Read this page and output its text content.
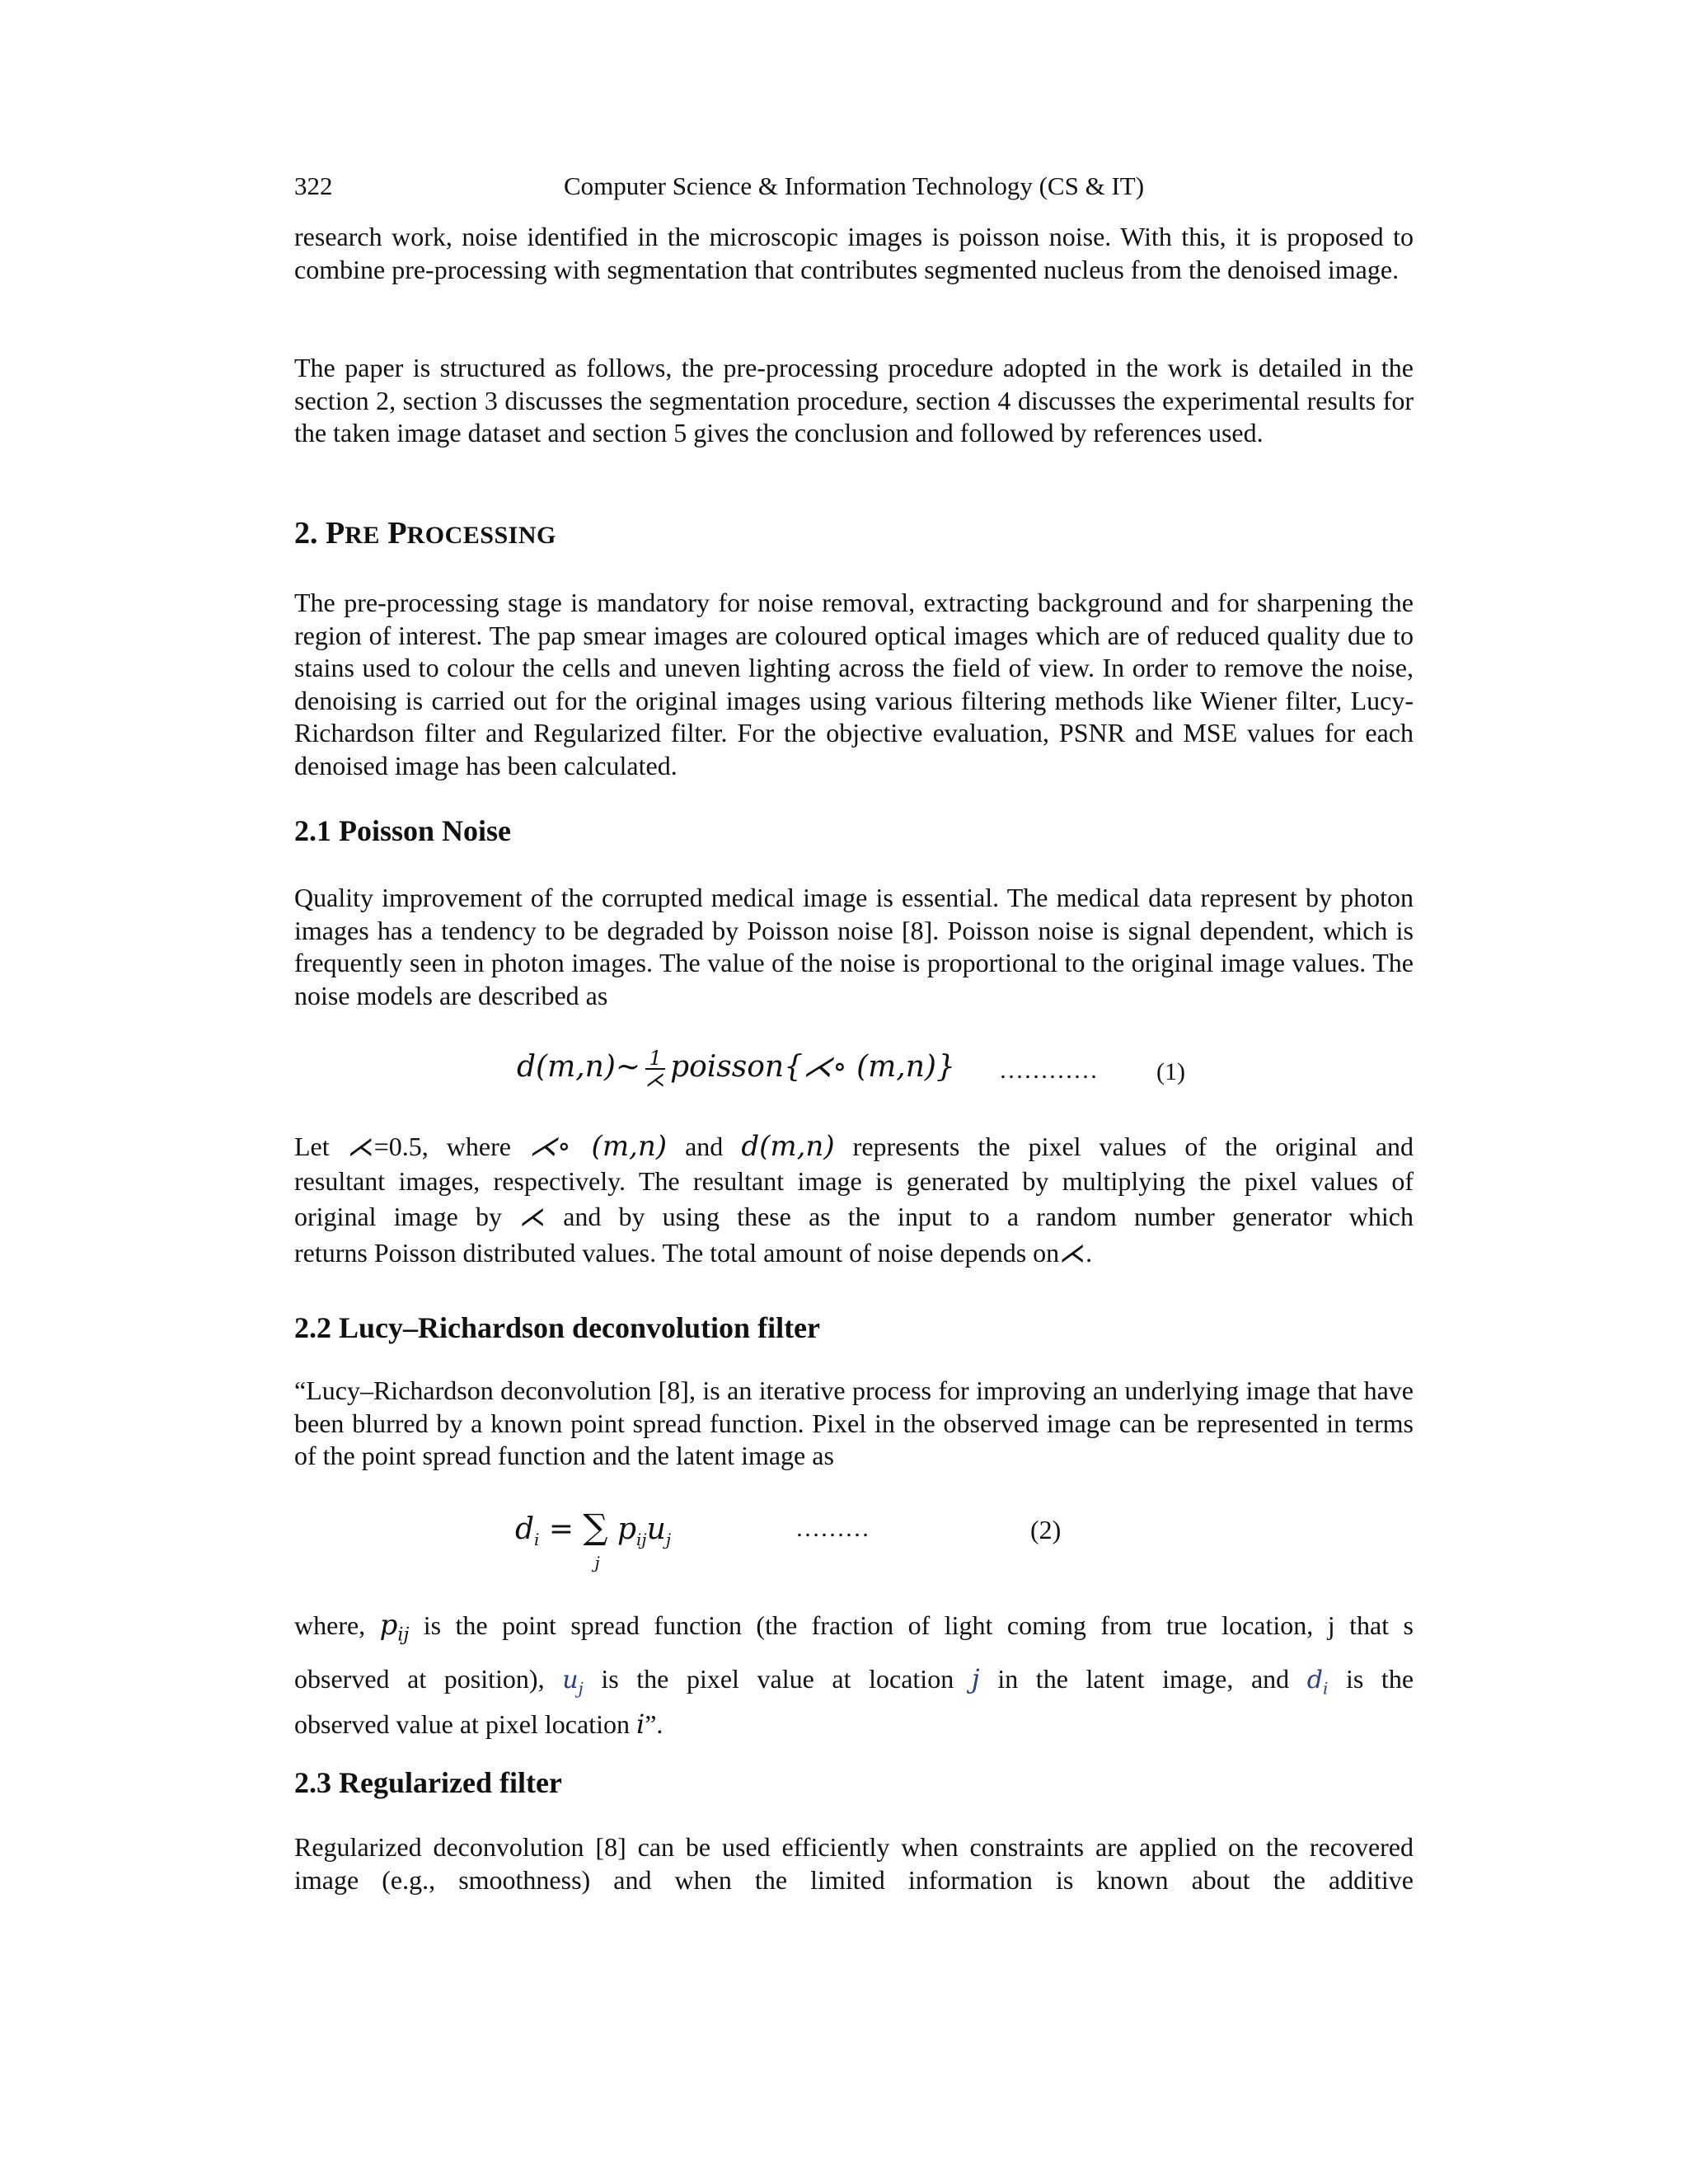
322	Computer Science & Information Technology (CS & IT)

research work, noise identified in the microscopic images is poisson noise. With this, it is proposed to combine pre-processing with segmentation that contributes segmented nucleus from the denoised image.

The paper is structured as follows, the pre-processing procedure adopted in the work is detailed in the section 2, section 3 discusses the segmentation procedure, section 4 discusses the experimental results for the taken image dataset and section 5 gives the conclusion and followed by references used.

2. PRE PROCESSING

The pre-processing stage is mandatory for noise removal, extracting background and for sharpening the region of interest. The pap smear images are coloured optical images which are of reduced quality due to stains used to colour the cells and uneven lighting across the field of view. In order to remove the noise, denoising is carried out for the original images using various filtering methods like Wiener filter, Lucy-Richardson filter and Regularized filter. For the objective evaluation, PSNR and MSE values for each denoised image has been calculated.

2.1 Poisson Noise

Quality improvement of the corrupted medical image is essential. The medical data represent by photon images has a tendency to be degraded by Poisson noise [8]. Poisson noise is signal dependent, which is frequently seen in photon images. The value of the noise is proportional to the original image values. The noise models are described as

d(m,n)~ $\frac{1}{⋌}$ poisson{⋌∘ (m,n)} ………… (1)

Let ⋌=0.5, where ⋌∘ (m,n) and d(m,n) represents the pixel values of the original and

resultant images, respectively. The resultant image is generated by multiplying the pixel values of

original image by ⋌ and by using these as the input to a random number generator which

returns Poisson distributed values. The total amount of noise depends on⋌.

2.2 Lucy–Richardson deconvolution filter

“Lucy–Richardson deconvolution [8], is an iterative process for improving an underlying image that have been blurred by a known point spread function. Pixel in the observed image can be represented in terms of the point spread function and the latent image as

$d_i$ = ∑
j
$p_{ij}u_j$	………	(2)

where, $p_{ij}$ is the point spread function (the fraction of light coming from true location, j that s

observed at position), $u_j$ is the pixel value at location j in the latent image, and $d_i$ is the

observed value at pixel location i”.

2.3 Regularized filter

Regularized deconvolution [8] can be used efficiently when constraints are applied on the recovered image (e.g., smoothness) and when the limited information is known about the additive
